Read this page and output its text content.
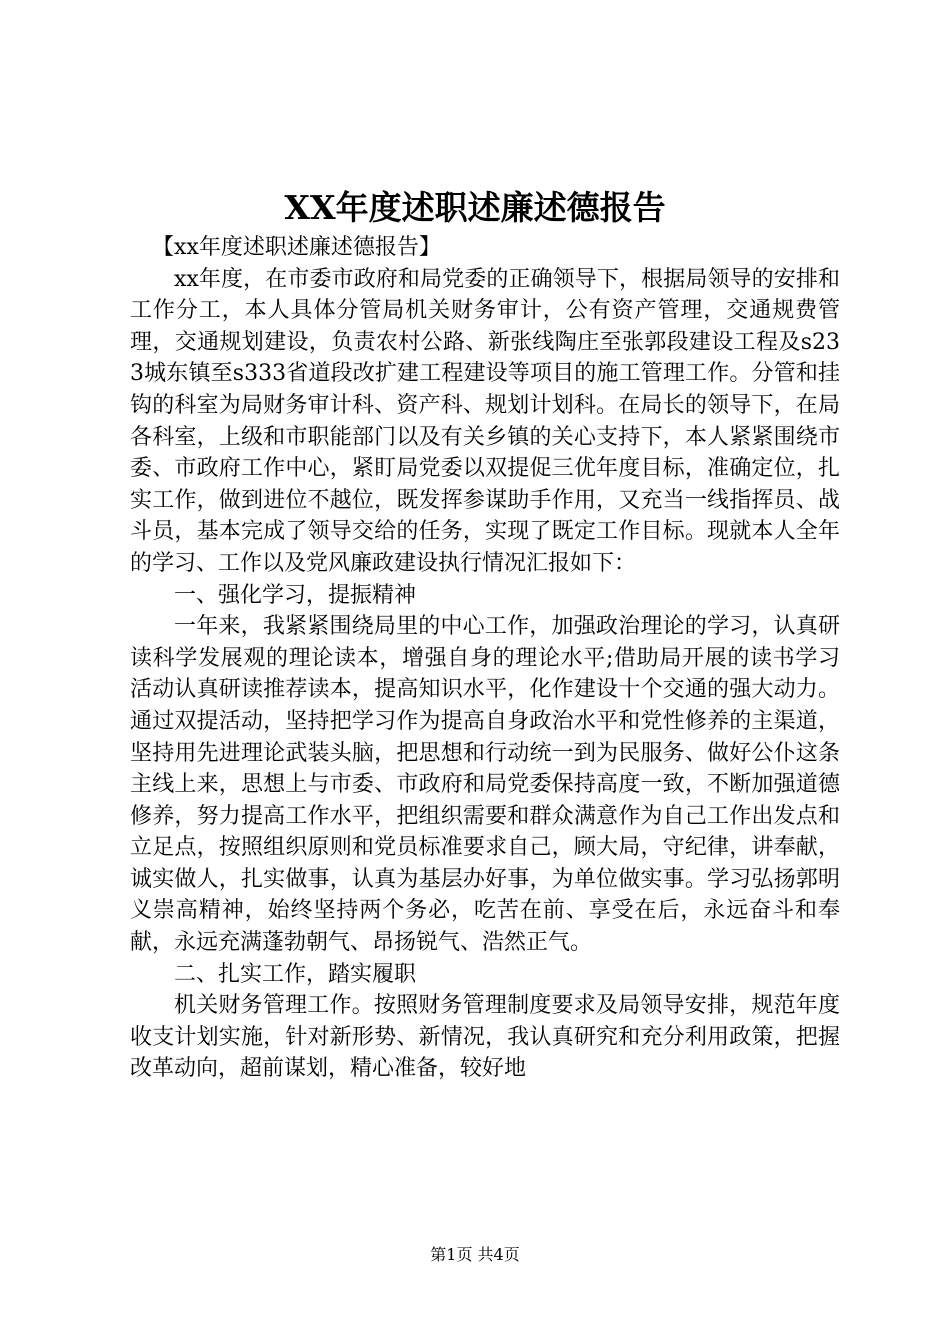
XX年度述职述廉述德报告

【xx年度述职述廉述德报告】

xx年度，在市委市政府和局党委的正确领导下，根据局领导的安排和工作分工，本人具体分管局机关财务审计，公有资产管理，交通规费管理，交通规划建设，负责农村公路、新张线陶庄至张郭段建设工程及s233城东镇至s333省道段改扩建工程建设等项目的施工管理工作。分管和挂钩的科室为局财务审计科、资产科、规划计划科。在局长的领导下，在局各科室，上级和市职能部门以及有关乡镇的关心支持下，本人紧紧围绕市委、市政府工作中心，紧盯局党委以双提促三优年度目标，准确定位，扎实工作，做到进位不越位，既发挥参谋助手作用，又充当一线指挥员、战斗员，基本完成了领导交给的任务，实现了既定工作目标。现就本人全年的学习、工作以及党风廉政建设执行情况汇报如下：

一、强化学习，提振精神

一年来，我紧紧围绕局里的中心工作，加强政治理论的学习，认真研读科学发展观的理论读本，增强自身的理论水平;借助局开展的读书学习活动认真研读推荐读本，提高知识水平，化作建设十个交通的强大动力。通过双提活动，坚持把学习作为提高自身政治水平和党性修养的主渠道，坚持用先进理论武装头脑，把思想和行动统一到为民服务、做好公仆这条主线上来，思想上与市委、市政府和局党委保持高度一致，不断加强道德修养，努力提高工作水平，把组织需要和群众满意作为自己工作出发点和立足点，按照组织原则和党员标准要求自己，顾大局，守纪律，讲奉献，诚实做人，扎实做事，认真为基层办好事，为单位做实事。学习弘扬郭明义崇高精神，始终坚持两个务必，吃苦在前、享受在后，永远奋斗和奉献，永远充满蓬勃朝气、昂扬锐气、浩然正气。

二、扎实工作，踏实履职

机关财务管理工作。按照财务管理制度要求及局领导安排，规范年度收支计划实施，针对新形势、新情况，我认真研究和充分利用政策，把握改革动向，超前谋划，精心准备，较好地

第1页 共4页
